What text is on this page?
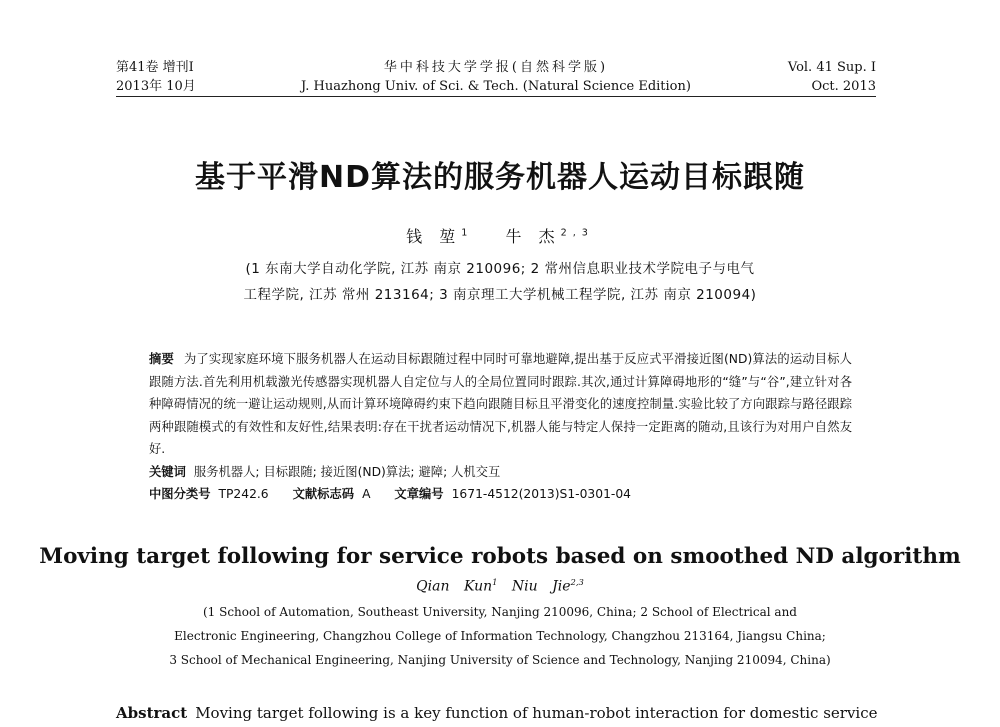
第41卷 增刊Ⅰ
2013年 10月
华中科技大学学报(自然科学版)
J. Huazhong Univ. of Sci. & Tech. (Natural Science Edition)
Vol. 41 Sup. Ⅰ
Oct. 2013
基于平滑ND算法的服务机器人运动目标跟随
钱 堃$^1$ 牛 杰$^{2,3}$
(1 东南大学自动化学院, 江苏 南京 210096; 2 常州信息职业技术学院电子与电气
工程学院, 江苏 常州 213164; 3 南京理工大学机械工程学院, 江苏 南京 210094)
摘要 为了实现家庭环境下服务机器人在运动目标跟随过程中同时可靠地避障,提出基于反应式平滑接近图(ND)算法的运动目标人跟随方法.首先利用机载激光传感器实现机器人自定位与人的全局位置同时跟踪.其次,通过计算障碍地形的“缝”与“谷”,建立针对各种障碍情况的统一避让运动规则,从而计算环境障碍约束下趋向跟随目标且平滑变化的速度控制量.实验比较了方向跟踪与路径跟踪两种跟随模式的有效性和友好性,结果表明:存在干扰者运动情况下,机器人能与特定人保持一定距离的随动,且该行为对用户自然友好.
关键词 服务机器人; 目标跟随; 接近图(ND)算法; 避障; 人机交互
中图分类号 TP242.6 文献标志码 A 文章编号 1671-4512(2013)S1-0301-04
Moving target following for service robots based on smoothed ND algorithm
Qian Kun$^1$ Niu Jie$^{2,3}$
(1 School of Automation, Southeast University, Nanjing 210096, China; 2 School of Electrical and
Electronic Engineering, Changzhou College of Information Technology, Changzhou 213164, Jiangsu China;
3 School of Mechanical Engineering, Nanjing University of Science and Technology, Nanjing 210094, China)
Abstract Moving target following is a key function of human-robot interaction for domestic service
